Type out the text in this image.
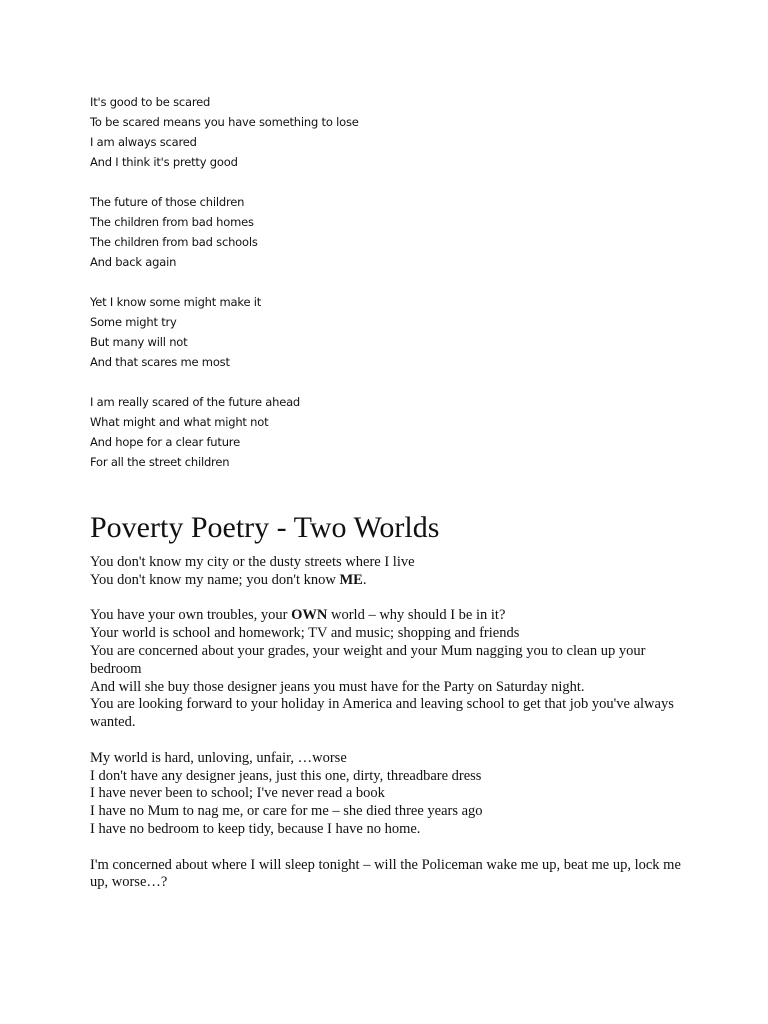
It's good to be scared
To be scared means you have something to lose
I am always scared
And I think it's pretty good
The future of those children
The children from bad homes
The children from bad schools
And back again
Yet I know some might make it
Some might try
But many will not
And that scares me most
I am really scared of the future ahead
What might and what might not
And hope for a clear future
For all the street children
Poverty Poetry - Two Worlds
You don't know my city or the dusty streets where I live
You don't know my name; you don't know ME.
You have your own troubles, your OWN world – why should I be in it?
Your world is school and homework; TV and music; shopping and friends
You are concerned about your grades, your weight and your Mum nagging you to clean up your bedroom
And will she buy those designer jeans you must have for the Party on Saturday night.
You are looking forward to your holiday in America and leaving school to get that job you've always wanted.
My world is hard, unloving, unfair, …worse
I don't have any designer jeans, just this one, dirty, threadbare dress
I have never been to school; I've never read a book
I have no Mum to nag me, or care for me – she died three years ago
I have no bedroom to keep tidy, because I have no home.
I'm concerned about where I will sleep tonight – will the Policeman wake me up, beat me up, lock me up, worse…?
